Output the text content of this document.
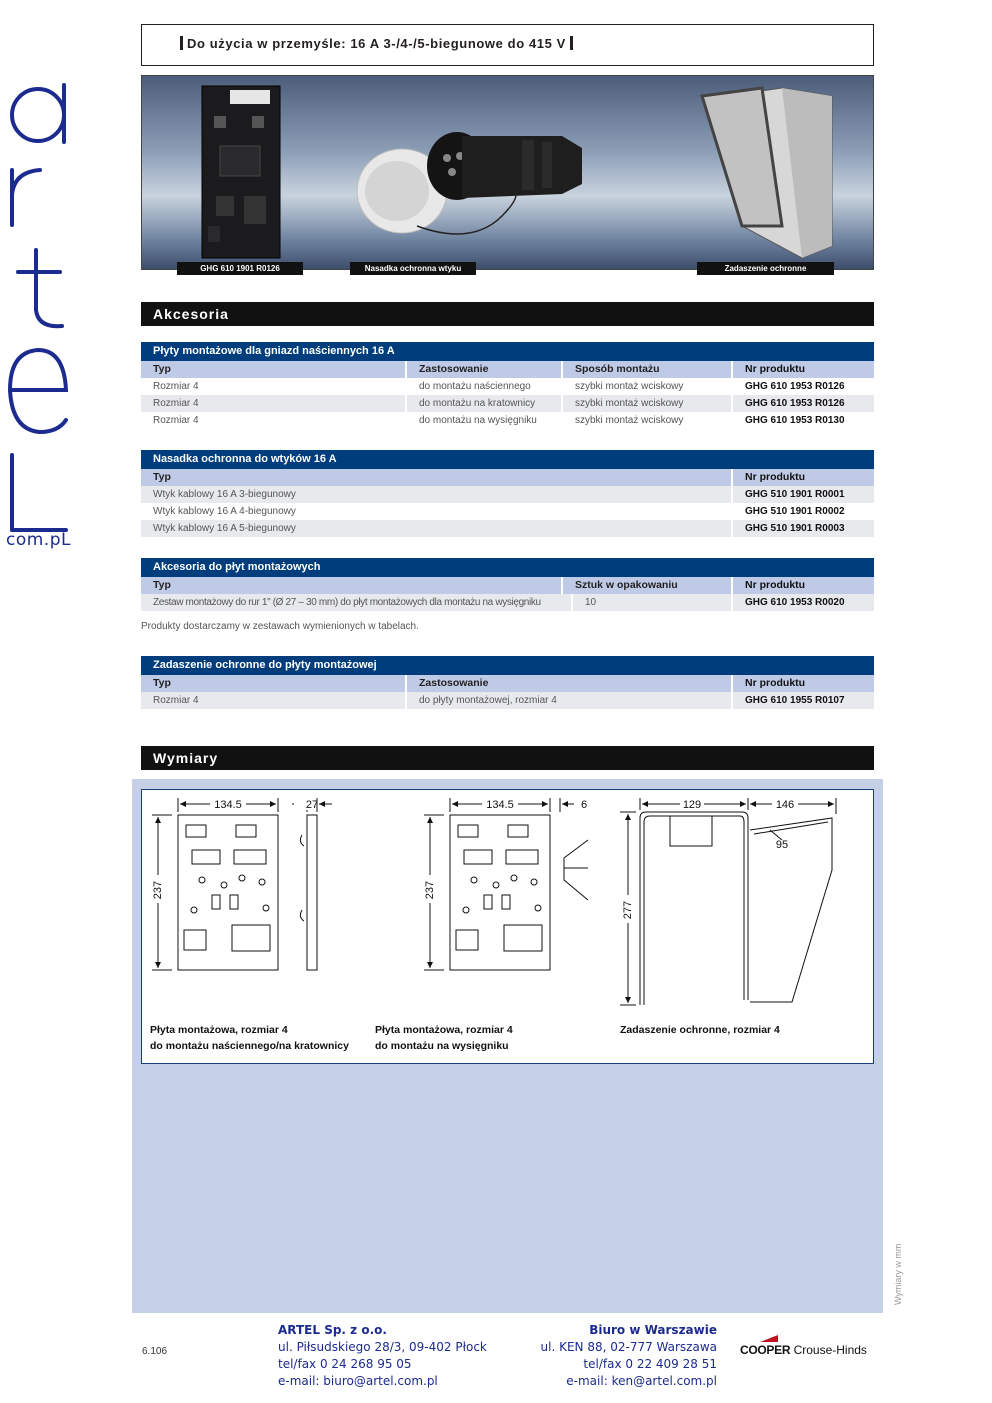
com.pL
Do użycia w przemyśle: 16 A 3-/4-/5-biegunowe do 415 V
GHG 610 1901 R0126	Nasadka ochronna wtyku	Zadaszenie ochronne
Akcesoria
Płyty montażowe dla gniazd naściennych 16 A
Typ	Zastosowanie	Sposób montażu	Nr produktu
Rozmiar 4	do montażu naściennego	szybki montaż wciskowy	GHG 610 1953 R0126
Rozmiar 4	do montażu na kratownicy	szybki montaż wciskowy	GHG 610 1953 R0126
Rozmiar 4	do montażu na wysięgniku	szybki montaż wciskowy	GHG 610 1953 R0130
Nasadka ochronna do wtyków 16 A
Typ	Nr produktu
Wtyk kablowy 16 A 3-biegunowy	GHG 510 1901 R0001
Wtyk kablowy 16 A 4-biegunowy	GHG 510 1901 R0002
Wtyk kablowy 16 A 5-biegunowy	GHG 510 1901 R0003
Akcesoria do płyt montażowych
Typ	Sztuk w opakowaniu	Nr produktu
Zestaw montażowy do rur 1" (Ø 27 – 30 mm) do płyt montażowych dla montażu na wysięgniku	10	GHG 610 1953 R0020
Produkty dostarczamy w zestawach wymienionych w tabelach.
Zadaszenie ochronne do płyty montażowej
Typ	Zastosowanie	Nr produktu
Rozmiar 4	do płyty montażowej, rozmiar 4	GHG 610 1955 R0107
Wymiary
134.5	27
237
134.5	6
237
129	146
95
277
Płyta montażowa, rozmiar 4
do montażu naściennego/na kratownicy
Płyta montażowa, rozmiar 4
do montażu na wysięgniku
Zadaszenie ochronne, rozmiar 4
Wymiary w mm
6.106
ARTEL Sp. z o.o.
ul. Piłsudskiego 28/3, 09-402 Płock
tel/fax 0 24 268 95 05
e-mail: biuro@artel.com.pl
Biuro w Warszawie
ul. KEN 88, 02-777 Warszawa
tel/fax 0 22 409 28 51
e-mail: ken@artel.com.pl
COOPER Crouse-Hinds
